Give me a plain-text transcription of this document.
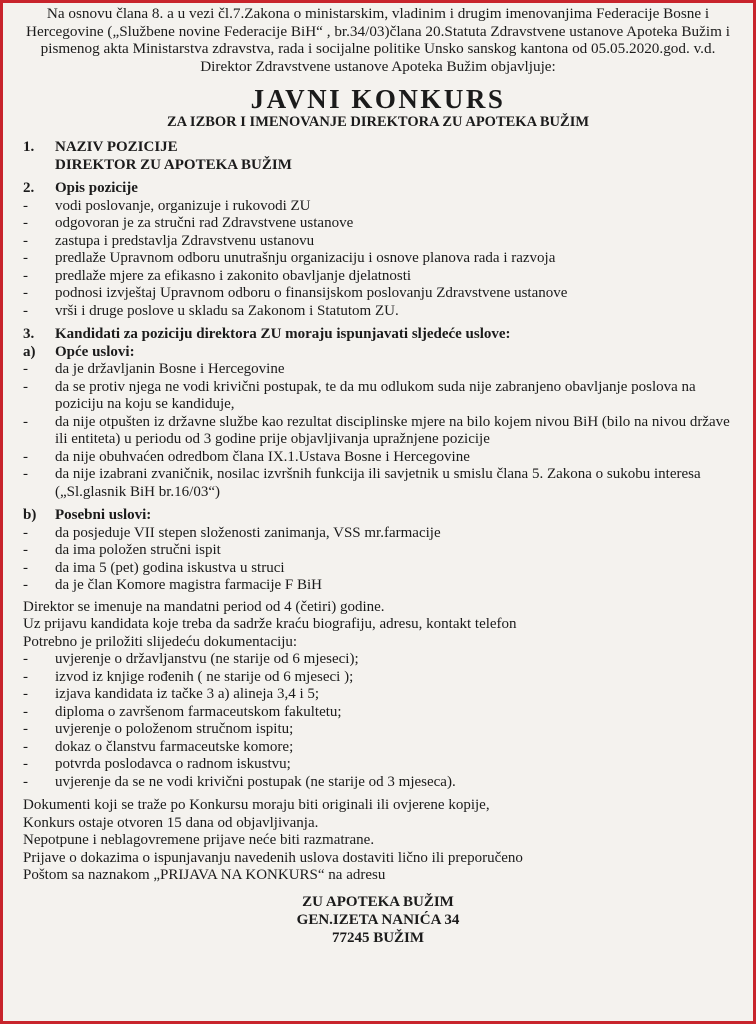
Na osnovu člana 8. a u vezi čl.7.Zakona o ministarskim, vladinim i drugim imenovanjima Federacije Bosne i Hercegovine („Službene novine Federacije BiH“ , br.34/03)člana 20.Statuta Zdravstvene ustanove Apoteka Bužim i pismenog akta Ministarstva zdravstva, rada i socijalne politike Unsko sanskog kantona od 05.05.2020.god. v.d. Direktor Zdravstvene ustanove Apoteka Bužim objavljuje:

JAVNI KONKURS
ZA IZBOR I IMENOVANJE DIREKTORA ZU APOTEKA BUŽIM
1.	NAZIV POZICIJE
DIREKTOR ZU APOTEKA BUŽIM
2.	Opis pozicije
- vodi poslovanje, organizuje i rukovodi ZU
- odgovoran je za stručni rad Zdravstvene ustanove
- zastupa i predstavlja Zdravstvenu ustanovu
- predlaže Upravnom odboru unutrašnju organizaciju i osnove planova rada i razvoja
- predlaže mjere za efikasno i zakonito obavljanje djelatnosti
- podnosi izvještaj Upravnom odboru o finansijskom poslovanju Zdravstvene ustanove
- vrši i druge poslove u skladu sa Zakonom i Statutom ZU.
3.	Kandidati za poziciju direktora ZU moraju ispunjavati sljedeće uslove:
a)	Opće uslovi:
- da je državljanin Bosne i Hercegovine
- da se protiv njega ne vodi krivični postupak, te da mu odlukom suda nije zabranjeno obavljanje poslova na poziciju na koju se kandiduje,
- da nije otpušten iz državne službe kao rezultat disciplinske mjere na bilo kojem nivou BiH (bilo na nivou države ili entiteta) u periodu od 3 godine prije objavljivanja upražnjene pozicije
- da nije obuhvaćen odredbom člana IX.1.Ustava Bosne i Hercegovine
- da nije izabrani zvaničnik, nosilac izvršnih funkcija ili savjetnik u smislu člana 5. Zakona o sukobu interesa („Sl.glasnik BiH br.16/03“)
b)	Posebni uslovi:
- da posjeduje VII stepen složenosti zanimanja, VSS mr.farmacije
- da ima položen stručni ispit
- da ima 5 (pet) godina iskustva u struci
- da je član Komore magistra farmacije F BiH

Direktor se imenuje na mandatni period od 4 (četiri) godine.

Uz prijavu kandidata koje treba da sadrže kraću biografiju, adresu, kontakt telefon

Potrebno je priložiti slijedeću dokumentaciju:

- uvjerenje o državljanstvu (ne starije od 6 mjeseci);
- izvod iz knjige rođenih ( ne starije od 6 mjeseci );
- izjava kandidata iz tačke 3 a) alineja 3,4 i 5;
- diploma o završenom farmaceutskom fakultetu;
- uvjerenje o položenom stručnom ispitu;
- dokaz o članstvu farmaceutske komore;
- potvrda poslodavca o radnom iskustvu;
- uvjerenje da se ne vodi krivični postupak (ne starije od 3 mjeseca).

Dokumenti koji se traže po Konkursu moraju biti originali ili ovjerene kopije,

Konkurs ostaje otvoren 15 dana od objavljivanja.

Nepotpune i neblagovremene prijave neće biti razmatrane.

Prijave o dokazima o ispunjavanju navedenih uslova dostaviti lično ili preporučeno

Poštom sa naznakom „PRIJAVA NA KONKURS“ na adresu

ZU APOTEKA BUŽIM
GEN.IZETA NANIĆA 34
77245 BUŽIM
